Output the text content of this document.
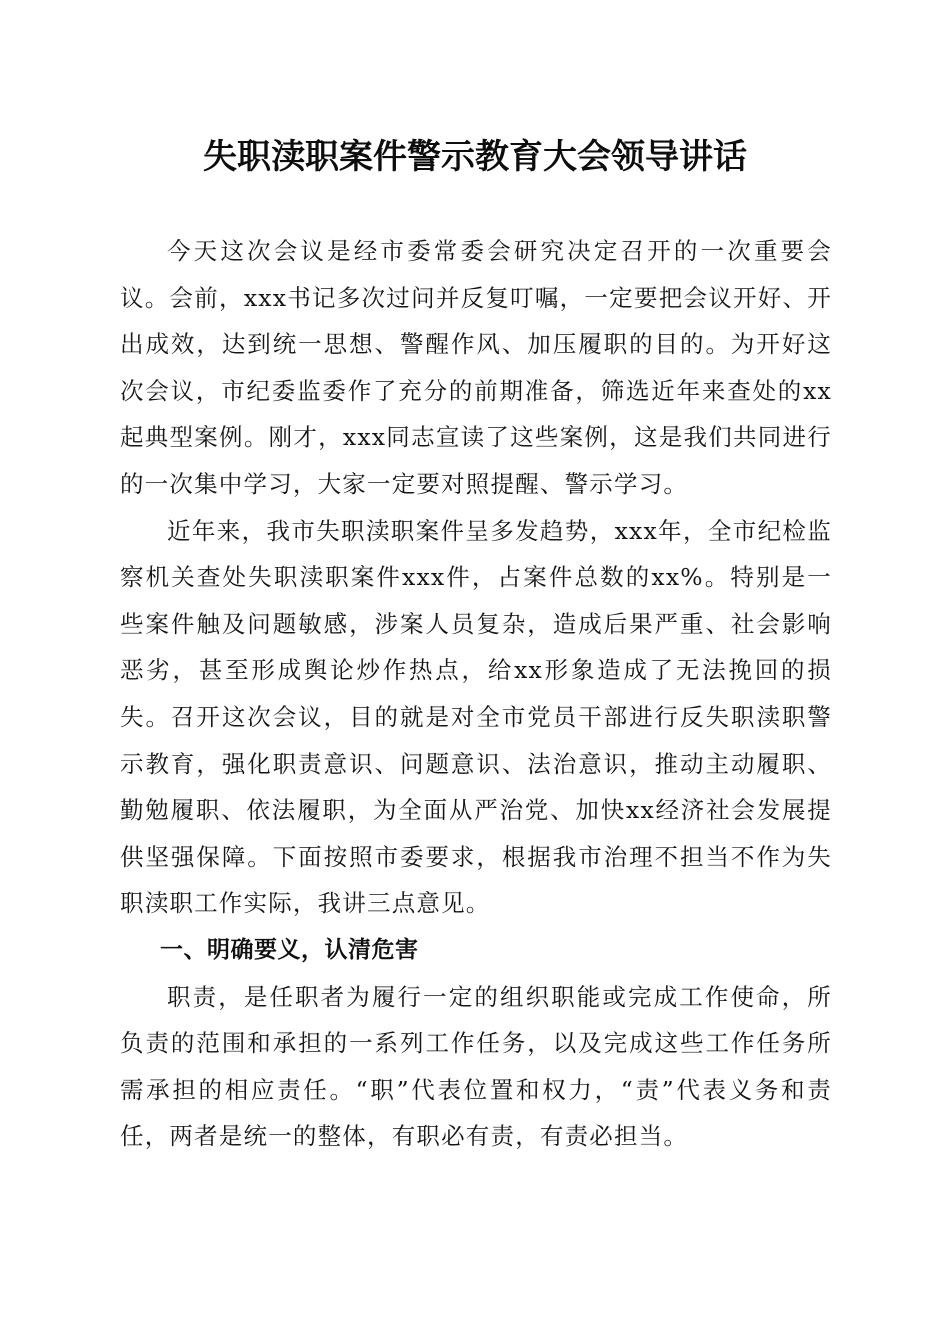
失职渎职案件警示教育大会领导讲话

今天这次会议是经市委常委会研究决定召开的一次重要会议。会前，xxx书记多次过问并反复叮嘱，一定要把会议开好、开出成效，达到统一思想、警醒作风、加压履职的目的。为开好这次会议，市纪委监委作了充分的前期准备，筛选近年来查处的xx起典型案例。刚才，xxx同志宣读了这些案例，这是我们共同进行的一次集中学习，大家一定要对照提醒、警示学习。

近年来，我市失职渎职案件呈多发趋势，xxx年，全市纪检监察机关查处失职渎职案件xxx件，占案件总数的xx%。特别是一些案件触及问题敏感，涉案人员复杂，造成后果严重、社会影响恶劣，甚至形成舆论炒作热点，给xx形象造成了无法挽回的损失。召开这次会议，目的就是对全市党员干部进行反失职渎职警示教育，强化职责意识、问题意识、法治意识，推动主动履职、勤勉履职、依法履职，为全面从严治党、加快xx经济社会发展提供坚强保障。下面按照市委要求，根据我市治理不担当不作为失职渎职工作实际，我讲三点意见。

一、明确要义，认清危害

职责，是任职者为履行一定的组织职能或完成工作使命，所负责的范围和承担的一系列工作任务，以及完成这些工作任务所需承担的相应责任。“职”代表位置和权力，“责”代表义务和责任，两者是统一的整体，有职必有责，有责必担当。
